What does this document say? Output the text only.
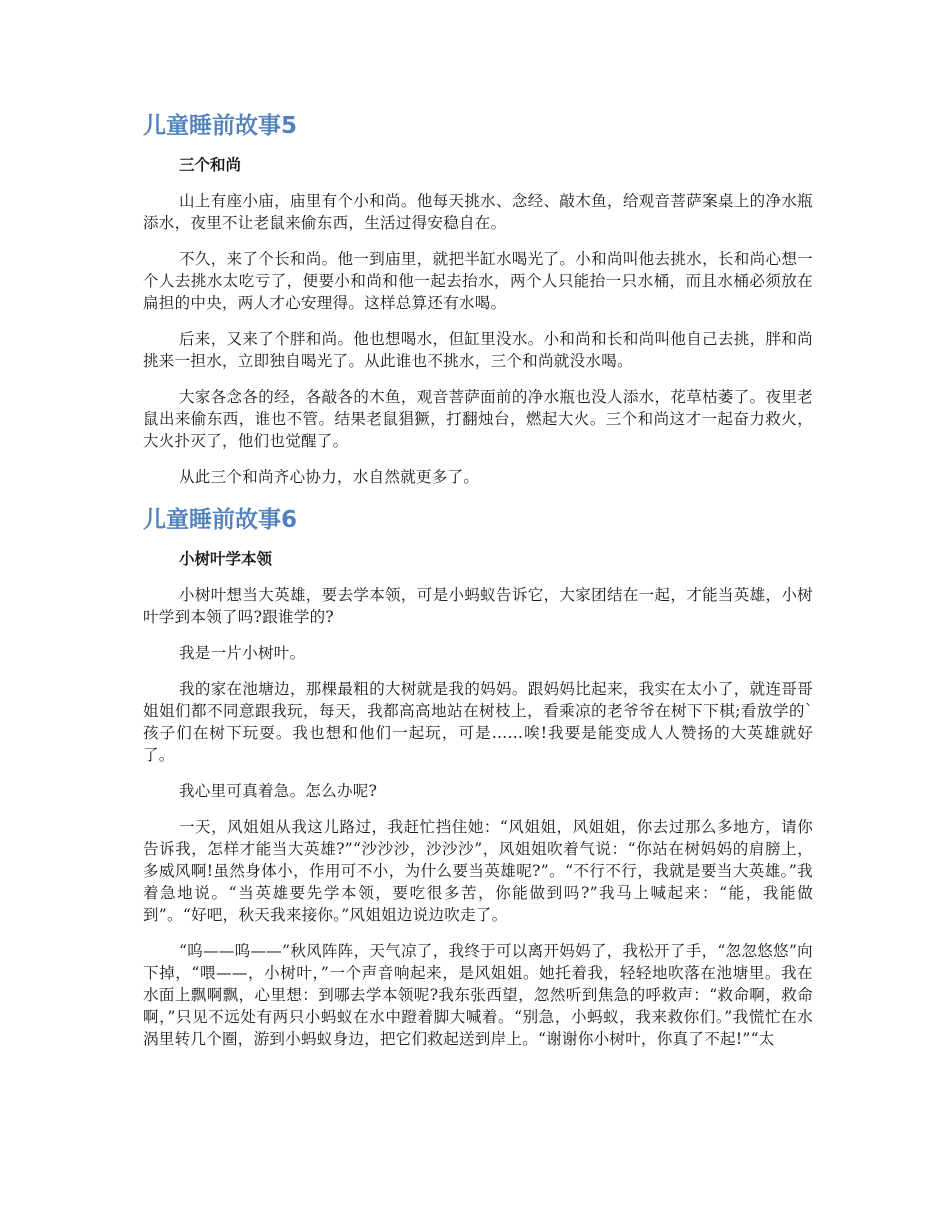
儿童睡前故事5
三个和尚

山上有座小庙，庙里有个小和尚。他每天挑水、念经、敲木鱼，给观音菩萨案桌上的净水瓶添水，夜里不让老鼠来偷东西，生活过得安稳自在。

不久，来了个长和尚。他一到庙里，就把半缸水喝光了。小和尚叫他去挑水，长和尚心想一个人去挑水太吃亏了，便要小和尚和他一起去抬水，两个人只能抬一只水桶，而且水桶必须放在扁担的中央，两人才心安理得。这样总算还有水喝。

后来，又来了个胖和尚。他也想喝水，但缸里没水。小和尚和长和尚叫他自己去挑，胖和尚挑来一担水，立即独自喝光了。从此谁也不挑水，三个和尚就没水喝。

大家各念各的经，各敲各的木鱼，观音菩萨面前的净水瓶也没人添水，花草枯萎了。夜里老鼠出来偷东西，谁也不管。结果老鼠猖獗，打翻烛台，燃起大火。三个和尚这才一起奋力救火，大火扑灭了，他们也觉醒了。

从此三个和尚齐心协力，水自然就更多了。

儿童睡前故事6
小树叶学本领

小树叶想当大英雄，要去学本领，可是小蚂蚁告诉它，大家团结在一起，才能当英雄，小树叶学到本领了吗?跟谁学的?

我是一片小树叶。

我的家在池塘边，那棵最粗的大树就是我的妈妈。跟妈妈比起来，我实在太小了，就连哥哥姐姐们都不同意跟我玩，每天，我都高高地站在树枝上，看乘凉的老爷爷在树下下棋;看放学的`孩子们在树下玩耍。我也想和他们一起玩，可是……唉!我要是能变成人人赞扬的大英雄就好了。

我心里可真着急。怎么办呢?

一天，风姐姐从我这儿路过，我赶忙挡住她：“风姐姐，风姐姐，你去过那么多地方，请你告诉我，怎样才能当大英雄?”“沙沙沙，沙沙沙”，风姐姐吹着气说：“你站在树妈妈的肩膀上，多威风啊!虽然身体小，作用可不小，为什么要当英雄呢?”。“不行不行，我就是要当大英雄。”我着急地说。“当英雄要先学本领，要吃很多苦，你能做到吗?”我马上喊起来：“能，我能做到”。“好吧，秋天我来接你。”风姐姐边说边吹走了。

“呜——呜——”秋风阵阵，天气凉了，我终于可以离开妈妈了，我松开了手，“忽忽悠悠”向下掉，“喂——，小树叶，”一个声音响起来，是风姐姐。她托着我，轻轻地吹落在池塘里。我在水面上飘啊飘，心里想：到哪去学本领呢?我东张西望，忽然听到焦急的呼救声：“救命啊，救命啊，”只见不远处有两只小蚂蚁在水中蹬着脚大喊着。“别急，小蚂蚁，我来救你们。”我慌忙在水涡里转几个圈，游到小蚂蚁身边，把它们救起送到岸上。“谢谢你小树叶，你真了不起!”“太
